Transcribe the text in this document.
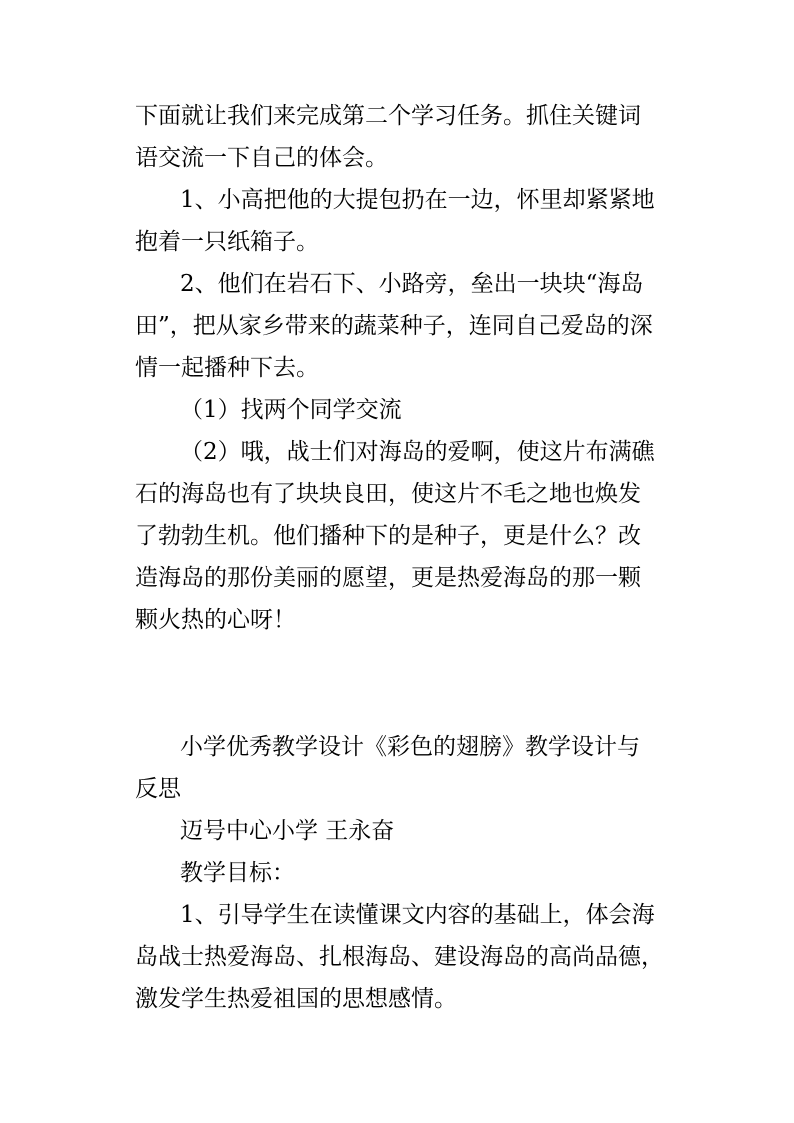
下面就让我们来完成第二个学习任务。抓住关键词
语交流一下自己的体会。
1、小高把他的大提包扔在一边，怀里却紧紧地
抱着一只纸箱子。
2、他们在岩石下、小路旁，垒出一块块“海岛
田”，把从家乡带来的蔬菜种子，连同自己爱岛的深
情一起播种下去。
（1）找两个同学交流
（2）哦，战士们对海岛的爱啊，使这片布满礁
石的海岛也有了块块良田，使这片不毛之地也焕发
了勃勃生机。他们播种下的是种子，更是什么？改
造海岛的那份美丽的愿望，更是热爱海岛的那一颗
颗火热的心呀！
小学优秀教学设计《彩色的翅膀》教学设计与
反思
迈号中心小学 王永奋
教学目标：
1、引导学生在读懂课文内容的基础上，体会海
岛战士热爱海岛、扎根海岛、建设海岛的高尚品德，
激发学生热爱祖国的思想感情。
